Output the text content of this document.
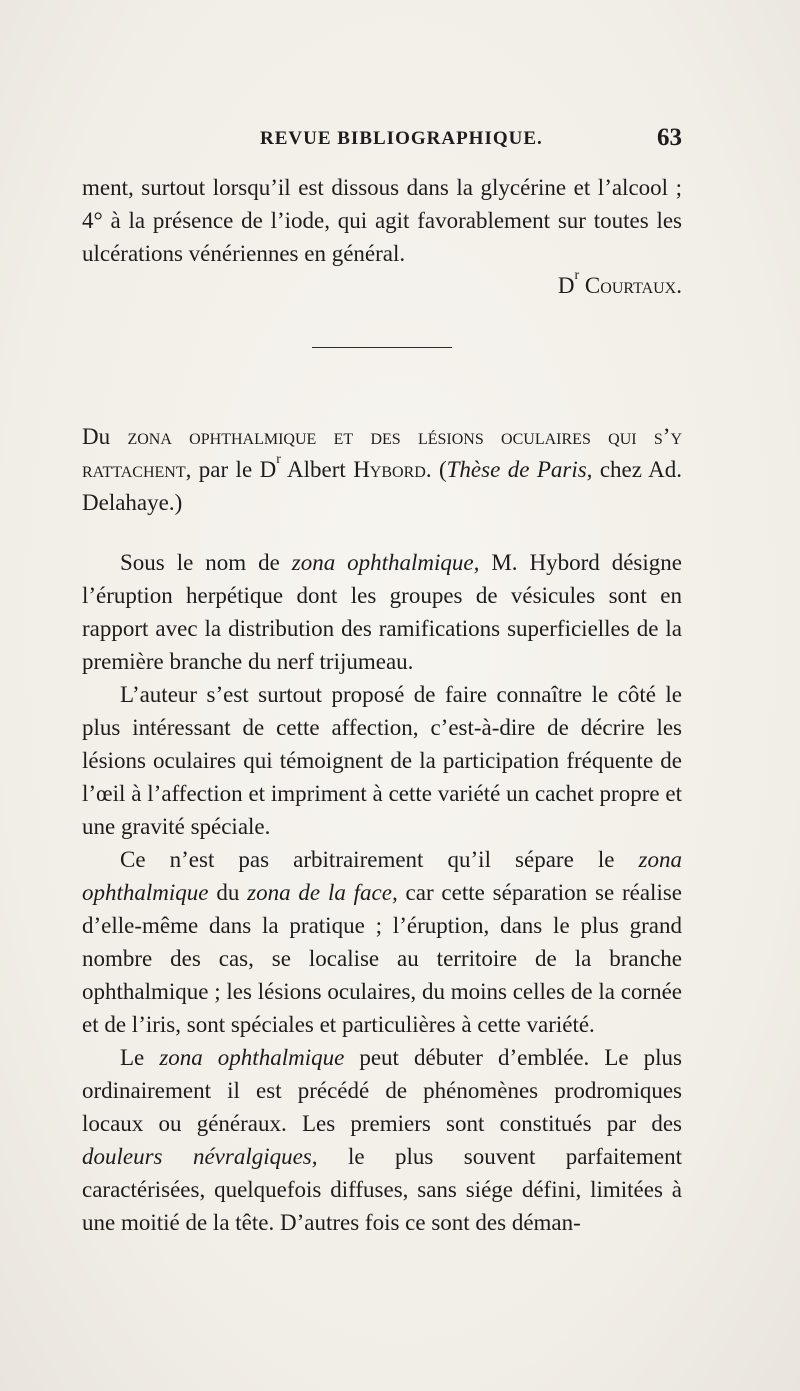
REVUE BIBLIOGRAPHIQUE.	63

ment, surtout lorsqu’il est dissous dans la glycérine et l’alcool ; 4° à la présence de l’iode, qui agit favorablement sur toutes les ulcérations vénériennes en général.

$D^r$ Courtaux.
Du zona ophthalmique et des lésions oculaires qui s’y rattachent, par le $D^r$ Albert Hybord. (Thèse de Paris, chez Ad. Delahaye.)

Sous le nom de zona ophthalmique, M. Hybord désigne l’éruption herpétique dont les groupes de vésicules sont en rapport avec la distribution des ramifications superficielles de la première branche du nerf trijumeau.

L’auteur s’est surtout proposé de faire connaître le côté le plus intéressant de cette affection, c’est-à-dire de décrire les lésions oculaires qui témoignent de la participation fréquente de l’œil à l’affection et impriment à cette variété un cachet propre et une gravité spéciale.

Ce n’est pas arbitrairement qu’il sépare le zona ophthalmique du zona de la face, car cette séparation se réalise d’elle-même dans la pratique ; l’éruption, dans le plus grand nombre des cas, se localise au territoire de la branche ophthalmique ; les lésions oculaires, du moins celles de la cornée et de l’iris, sont spéciales et particulières à cette variété.

Le zona ophthalmique peut débuter d’emblée. Le plus ordinairement il est précédé de phénomènes prodromiques locaux ou généraux. Les premiers sont constitués par des douleurs névralgiques, le plus souvent parfaitement caractérisées, quelquefois diffuses, sans siége défini, limitées à une moitié de la tête. D’autres fois ce sont des déman-
